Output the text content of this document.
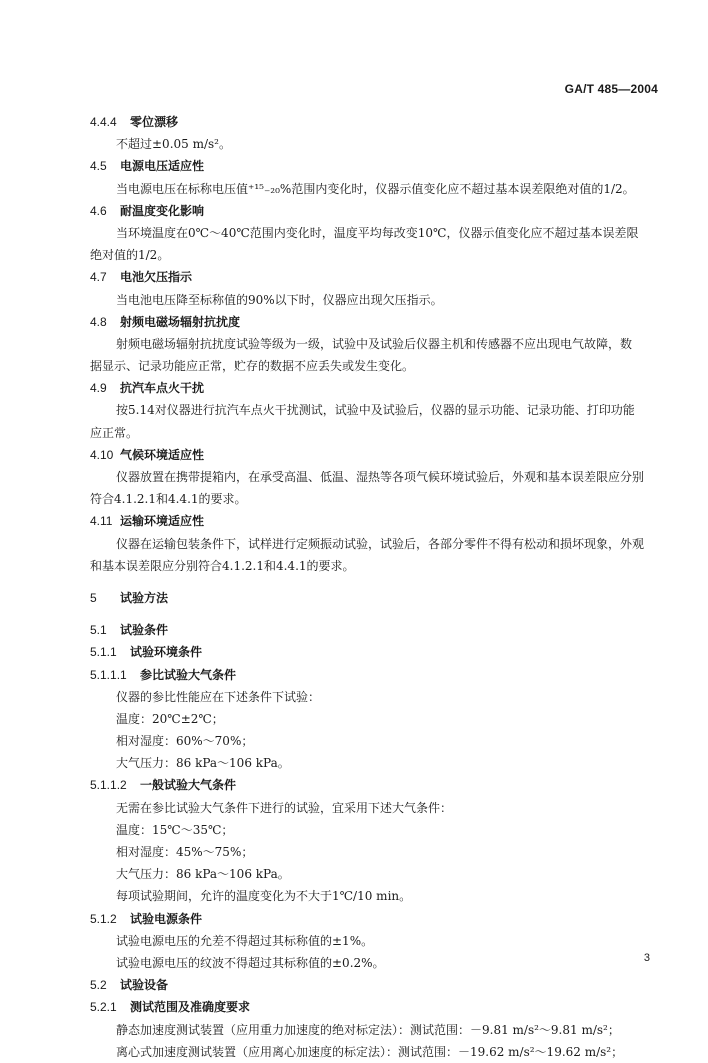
GA/T 485—2004
4.4.4 零位漂移
不超过±0.05 m/s²。
4.5 电源电压适应性
当电源电压在标称电压值⁺¹⁵₋₂₀%范围内变化时，仪器示值变化应不超过基本误差限绝对值的1/2。
4.6 耐温度变化影响
当环境温度在0℃～40℃范围内变化时，温度平均每改变10℃，仪器示值变化应不超过基本误差限
绝对值的1/2。
4.7 电池欠压指示
当电池电压降至标称值的90%以下时，仪器应出现欠压指示。
4.8 射频电磁场辐射抗扰度
射频电磁场辐射抗扰度试验等级为一级，试验中及试验后仪器主机和传感器不应出现电气故障，数
据显示、记录功能应正常，贮存的数据不应丢失或发生变化。
4.9 抗汽车点火干扰
按5.14对仪器进行抗汽车点火干扰测试，试验中及试验后，仪器的显示功能、记录功能、打印功能
应正常。
4.10 气候环境适应性
仪器放置在携带提箱内，在承受高温、低温、湿热等各项气候环境试验后，外观和基本误差限应分别
符合4.1.2.1和4.4.1的要求。
4.11 运输环境适应性
仪器在运输包装条件下，试样进行定频振动试验，试验后，各部分零件不得有松动和损坏现象，外观
和基本误差限应分别符合4.1.2.1和4.4.1的要求。
5 试验方法
5.1 试验条件
5.1.1 试验环境条件
5.1.1.1 参比试验大气条件
仪器的参比性能应在下述条件下试验：
温度：20℃±2℃；
相对湿度：60%～70%；
大气压力：86 kPa～106 kPa。
5.1.1.2 一般试验大气条件
无需在参比试验大气条件下进行的试验，宜采用下述大气条件：
温度：15℃～35℃；
相对湿度：45%～75%；
大气压力：86 kPa～106 kPa。
每项试验期间，允许的温度变化为不大于1℃/10 min。
5.1.2 试验电源条件
试验电源电压的允差不得超过其标称值的±1%。
试验电源电压的纹波不得超过其标称值的±0.2%。
5.2 试验设备
5.2.1 测试范围及准确度要求
静态加速度测试装置（应用重力加速度的绝对标定法）：测试范围：－9.81 m/s²～9.81 m/s²；
离心式加速度测试装置（应用离心加速度的标定法）：测试范围：－19.62 m/s²～19.62 m/s²；
3
